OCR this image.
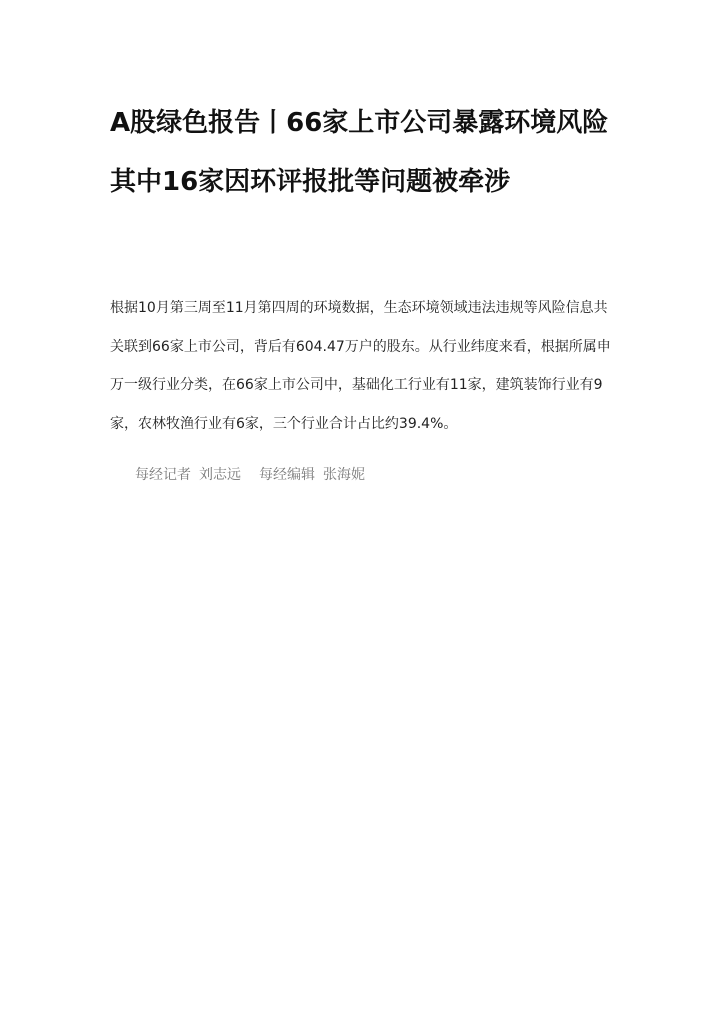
A股绿色报告丨66家上市公司暴露环境风险 其中16家因环评报批等问题被牵涉

根据10月第三周至11月第四周的环境数据，生态环境领域违法违规等风险信息共关联到66家上市公司，背后有604.47万户的股东。从行业纬度来看，根据所属申万一级行业分类，在66家上市公司中，基础化工行业有11家，建筑装饰行业有9家，农林牧渔行业有6家，三个行业合计占比约39.4%。

每经记者 刘志远 每经编辑 张海妮
